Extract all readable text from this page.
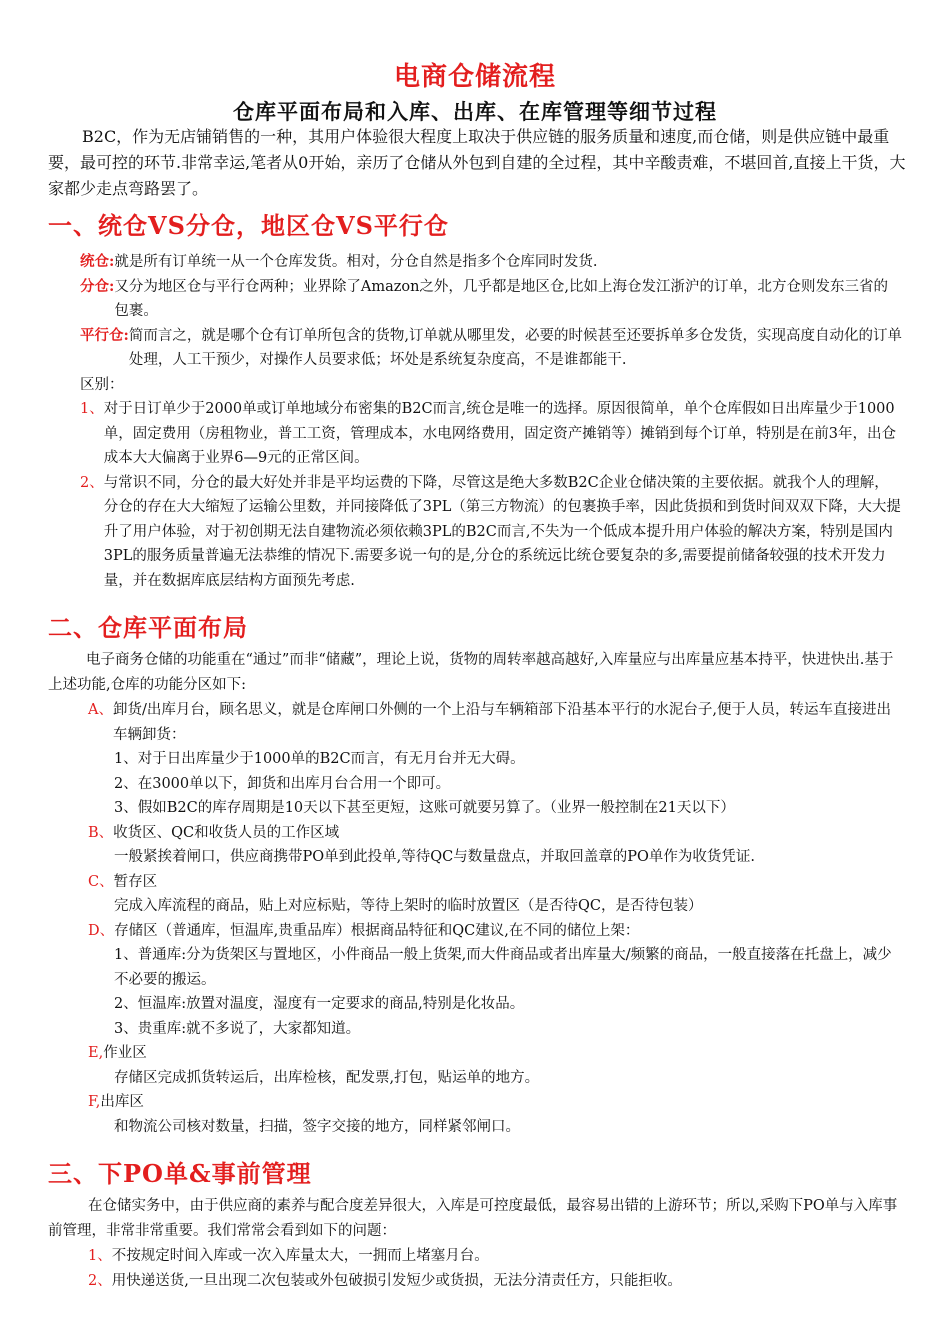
电商仓储流程
仓库平面布局和入库、出库、在库管理等细节过程

B2C，作为无店铺销售的一种，其用户体验很大程度上取决于供应链的服务质量和速度,而仓储，则是供应链中最重要，最可控的环节.非常幸运,笔者从0开始，亲历了仓储从外包到自建的全过程，其中辛酸责难，不堪回首,直接上干货，大家都少走点弯路罢了。

一、统仓VS分仓，地区仓VS平行仓
统仓: 就是所有订单统一从一个仓库发货。相对，分仓自然是指多个仓库同时发货.
分仓: 又分为地区仓与平行仓两种；业界除了Amazon之外，几乎都是地区仓,比如上海仓发江浙沪的订单，北方仓则发东三省的包裹。
平行仓: 简而言之，就是哪个仓有订单所包含的货物,订单就从哪里发，必要的时候甚至还要拆单多仓发货，实现高度自动化的订单处理，人工干预少，对操作人员要求低；坏处是系统复杂度高，不是谁都能干.
区别：
1、 对于日订单少于2000单或订单地域分布密集的B2C而言,统仓是唯一的选择。原因很简单，单个仓库假如日出库量少于1000单，固定费用（房租物业，普工工资，管理成本，水电网络费用，固定资产摊销等）摊销到每个订单，特别是在前3年，出仓成本大大偏离于业界6—9元的正常区间。
2、 与常识不同，分仓的最大好处并非是平均运费的下降，尽管这是绝大多数B2C企业仓储决策的主要依据。就我个人的理解，分仓的存在大大缩短了运输公里数，并同接降低了3PL（第三方物流）的包裹换手率，因此货损和到货时间双双下降，大大提升了用户体验，对于初创期无法自建物流必须依赖3PL的B2C而言,不失为一个低成本提升用户体验的解决方案，特别是国内3PL的服务质量普遍无法恭维的情况下.需要多说一句的是,分仓的系统远比统仓要复杂的多,需要提前储备较强的技术开发力量，并在数据库底层结构方面预先考虑.
二、仓库平面布局

电子商务仓储的功能重在“通过”而非“储藏”，理论上说，货物的周转率越高越好,入库量应与出库量应基本持平，快进快出.基于上述功能,仓库的功能分区如下:

A、 卸货/出库月台，顾名思义，就是仓库闸口外侧的一个上沿与车辆箱部下沿基本平行的水泥台子,便于人员，转运车直接进出车辆卸货：
1、对于日出库量少于1000单的B2C而言，有无月台并无大碍。
2、在3000单以下，卸货和出库月台合用一个即可。
3、假如B2C的库存周期是10天以下甚至更短，这账可就要另算了。（业界一般控制在21天以下）
B、 收货区、QC和收货人员的工作区域
一般紧挨着闸口，供应商携带PO单到此投单,等待QC与数量盘点，并取回盖章的PO单作为收货凭证.
C、 暂存区
完成入库流程的商品，贴上对应标贴，等待上架时的临时放置区（是否待QC，是否待包装）
D、 存储区（普通库，恒温库,贵重品库）根据商品特征和QC建议,在不同的储位上架：
1、普通库:分为货架区与置地区，小件商品一般上货架,而大件商品或者出库量大/频繁的商品，一般直接落在托盘上，减少不必要的搬运。
2、恒温库:放置对温度，湿度有一定要求的商品,特别是化妆品。
3、贵重库:就不多说了，大家都知道。
E, 作业区
存储区完成抓货转运后，出库检核，配发票,打包，贴运单的地方。
F, 出库区
和物流公司核对数量，扫描，签字交接的地方，同样紧邻闸口。
三、下PO单&事前管理

在仓储实务中，由于供应商的素养与配合度差异很大，入库是可控度最低，最容易出错的上游环节；所以,采购下PO单与入库事前管理，非常非常重要。我们常常会看到如下的问题：

1、 不按规定时间入库或一次入库量太大，一拥而上堵塞月台。
2、 用快递送货,一旦出现二次包装或外包破损引发短少或货损，无法分清责任方，只能拒收。
